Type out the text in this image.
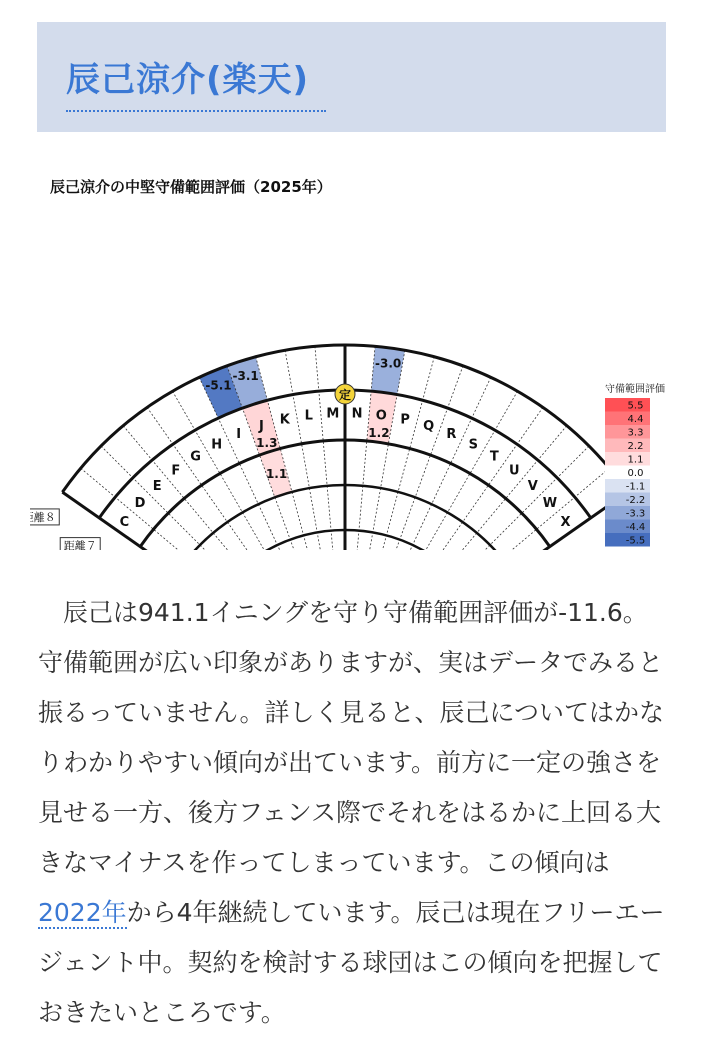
辰己涼介(楽天)
辰己涼介の中堅守備範囲評価（2025年）
C
D
E
F
G
H
I
J K L M N O P Q
R
S
T
U
V
W
X
-5.1
-3.1
-3.0
1.3
1.2
1.1
定
離８
距離７
守備範囲評価
5.5
4.4
3.3
2.2
1.1
0.0
-1.1
-2.2
-3.3
-4.4
-5.5

辰己は941.1イニングを守り守備範囲評価が-11.6。守備範囲が広い印象がありますが、実はデータでみると振るっていません。詳しく見ると、辰己についてはかなりわかりやすい傾向が出ています。前方に一定の強さを見せる一方、後方フェンス際でそれをはるかに上回る大きなマイナスを作ってしまっています。この傾向は2022年から4年継続しています。辰己は現在フリーエージェント中。契約を検討する球団はこの傾向を把握しておきたいところです。
